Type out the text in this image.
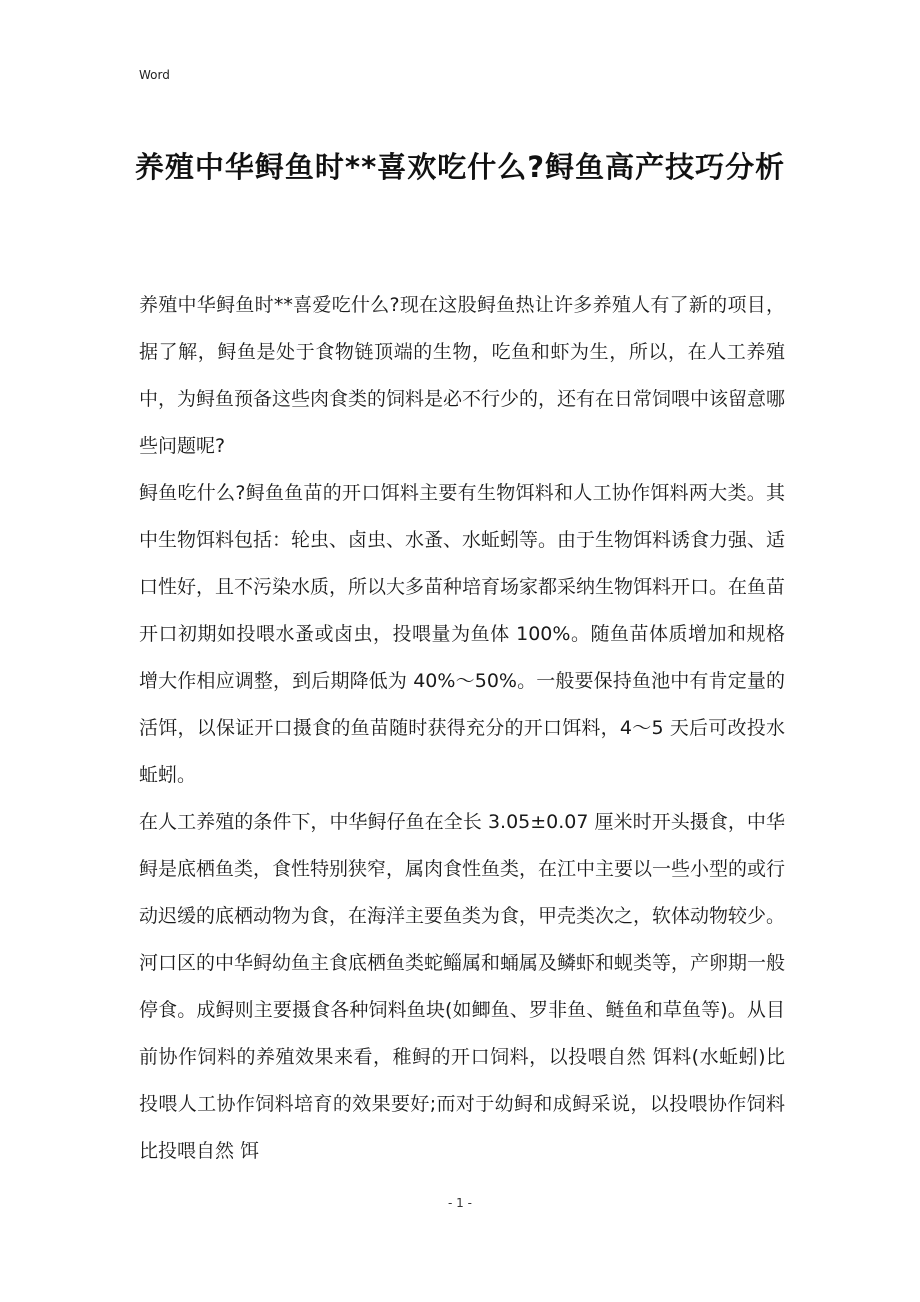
Word
养殖中华鲟鱼时**喜欢吃什么?鲟鱼高产技巧分析

养殖中华鲟鱼时**喜爱吃什么?现在这股鲟鱼热让许多养殖人有了新的项目，据了解，鲟鱼是处于食物链顶端的生物，吃鱼和虾为生，所以，在人工养殖中，为鲟鱼预备这些肉食类的饲料是必不行少的，还有在日常饲喂中该留意哪些问题呢?

鲟鱼吃什么?鲟鱼鱼苗的开口饵料主要有生物饵料和人工协作饵料两大类。其中生物饵料包括：轮虫、卤虫、水蚤、水蚯蚓等。由于生物饵料诱食力强、适口性好，且不污染水质，所以大多苗种培育场家都采纳生物饵料开口。在鱼苗开口初期如投喂水蚤或卤虫，投喂量为鱼体 100%。随鱼苗体质增加和规格增大作相应调整，到后期降低为 40%～50%。一般要保持鱼池中有肯定量的活饵，以保证开口摄食的鱼苗随时获得充分的开口饵料，4～5 天后可改投水蚯蚓。

在人工养殖的条件下，中华鲟仔鱼在全长 3.05±0.07 厘米时开头摄食，中华鲟是底栖鱼类，食性特别狭窄，属肉食性鱼类，在江中主要以一些小型的或行动迟缓的底栖动物为食，在海洋主要鱼类为食，甲壳类次之，软体动物较少。河口区的中华鲟幼鱼主食底栖鱼类蛇鲻属和蛹属及鳞虾和蚬类等，产卵期一般停食。成鲟则主要摄食各种饲料鱼块(如鲫鱼、罗非鱼、鲢鱼和草鱼等)。从目前协作饲料的养殖效果来看，稚鲟的开口饲料，以投喂自然 饵料(水蚯蚓)比投喂人工协作饲料培育的效果要好;而对于幼鲟和成鲟采说，以投喂协作饲料比投喂自然 饵

- 1 -
